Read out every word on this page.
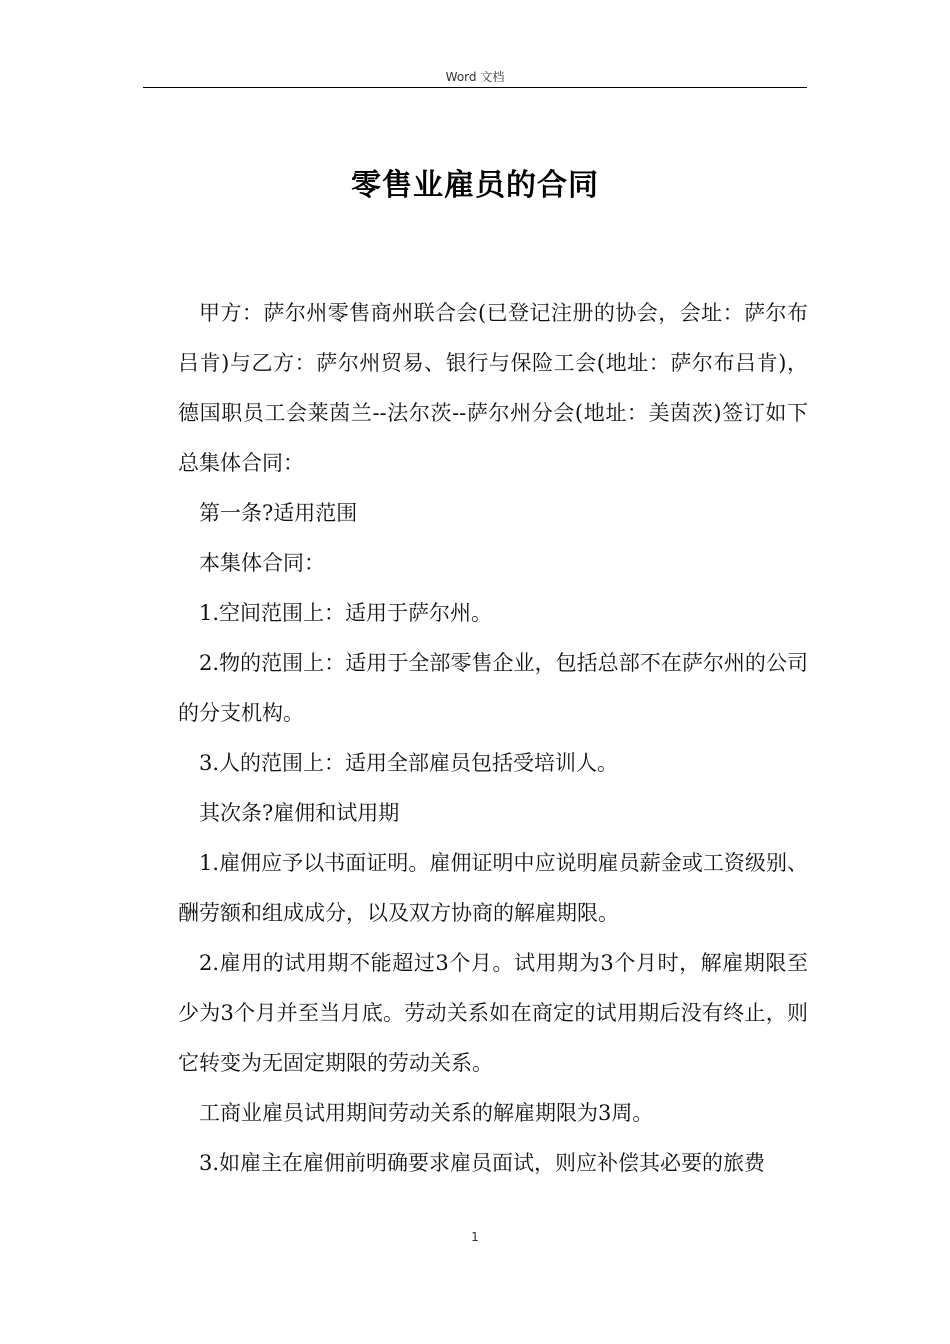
Word 文档
零售业雇员的合同

甲方：萨尔州零售商州联合会(已登记注册的协会，会址：萨尔布吕肯)与乙方：萨尔州贸易、银行与保险工会(地址：萨尔布吕肯)，德国职员工会莱茵兰--法尔茨--萨尔州分会(地址：美茵茨)签订如下总集体合同：

第一条?适用范围

本集体合同：

1.空间范围上：适用于萨尔州。

2.物的范围上：适用于全部零售企业，包括总部不在萨尔州的公司的分支机构。

3.人的范围上：适用全部雇员包括受培训人。

其次条?雇佣和试用期

1.雇佣应予以书面证明。雇佣证明中应说明雇员薪金或工资级别、酬劳额和组成成分，以及双方协商的解雇期限。

2.雇用的试用期不能超过3个月。试用期为3个月时，解雇期限至少为3个月并至当月底。劳动关系如在商定的试用期后没有终止，则它转变为无固定期限的劳动关系。

工商业雇员试用期间劳动关系的解雇期限为3周。

3.如雇主在雇佣前明确要求雇员面试，则应补偿其必要的旅费

1
